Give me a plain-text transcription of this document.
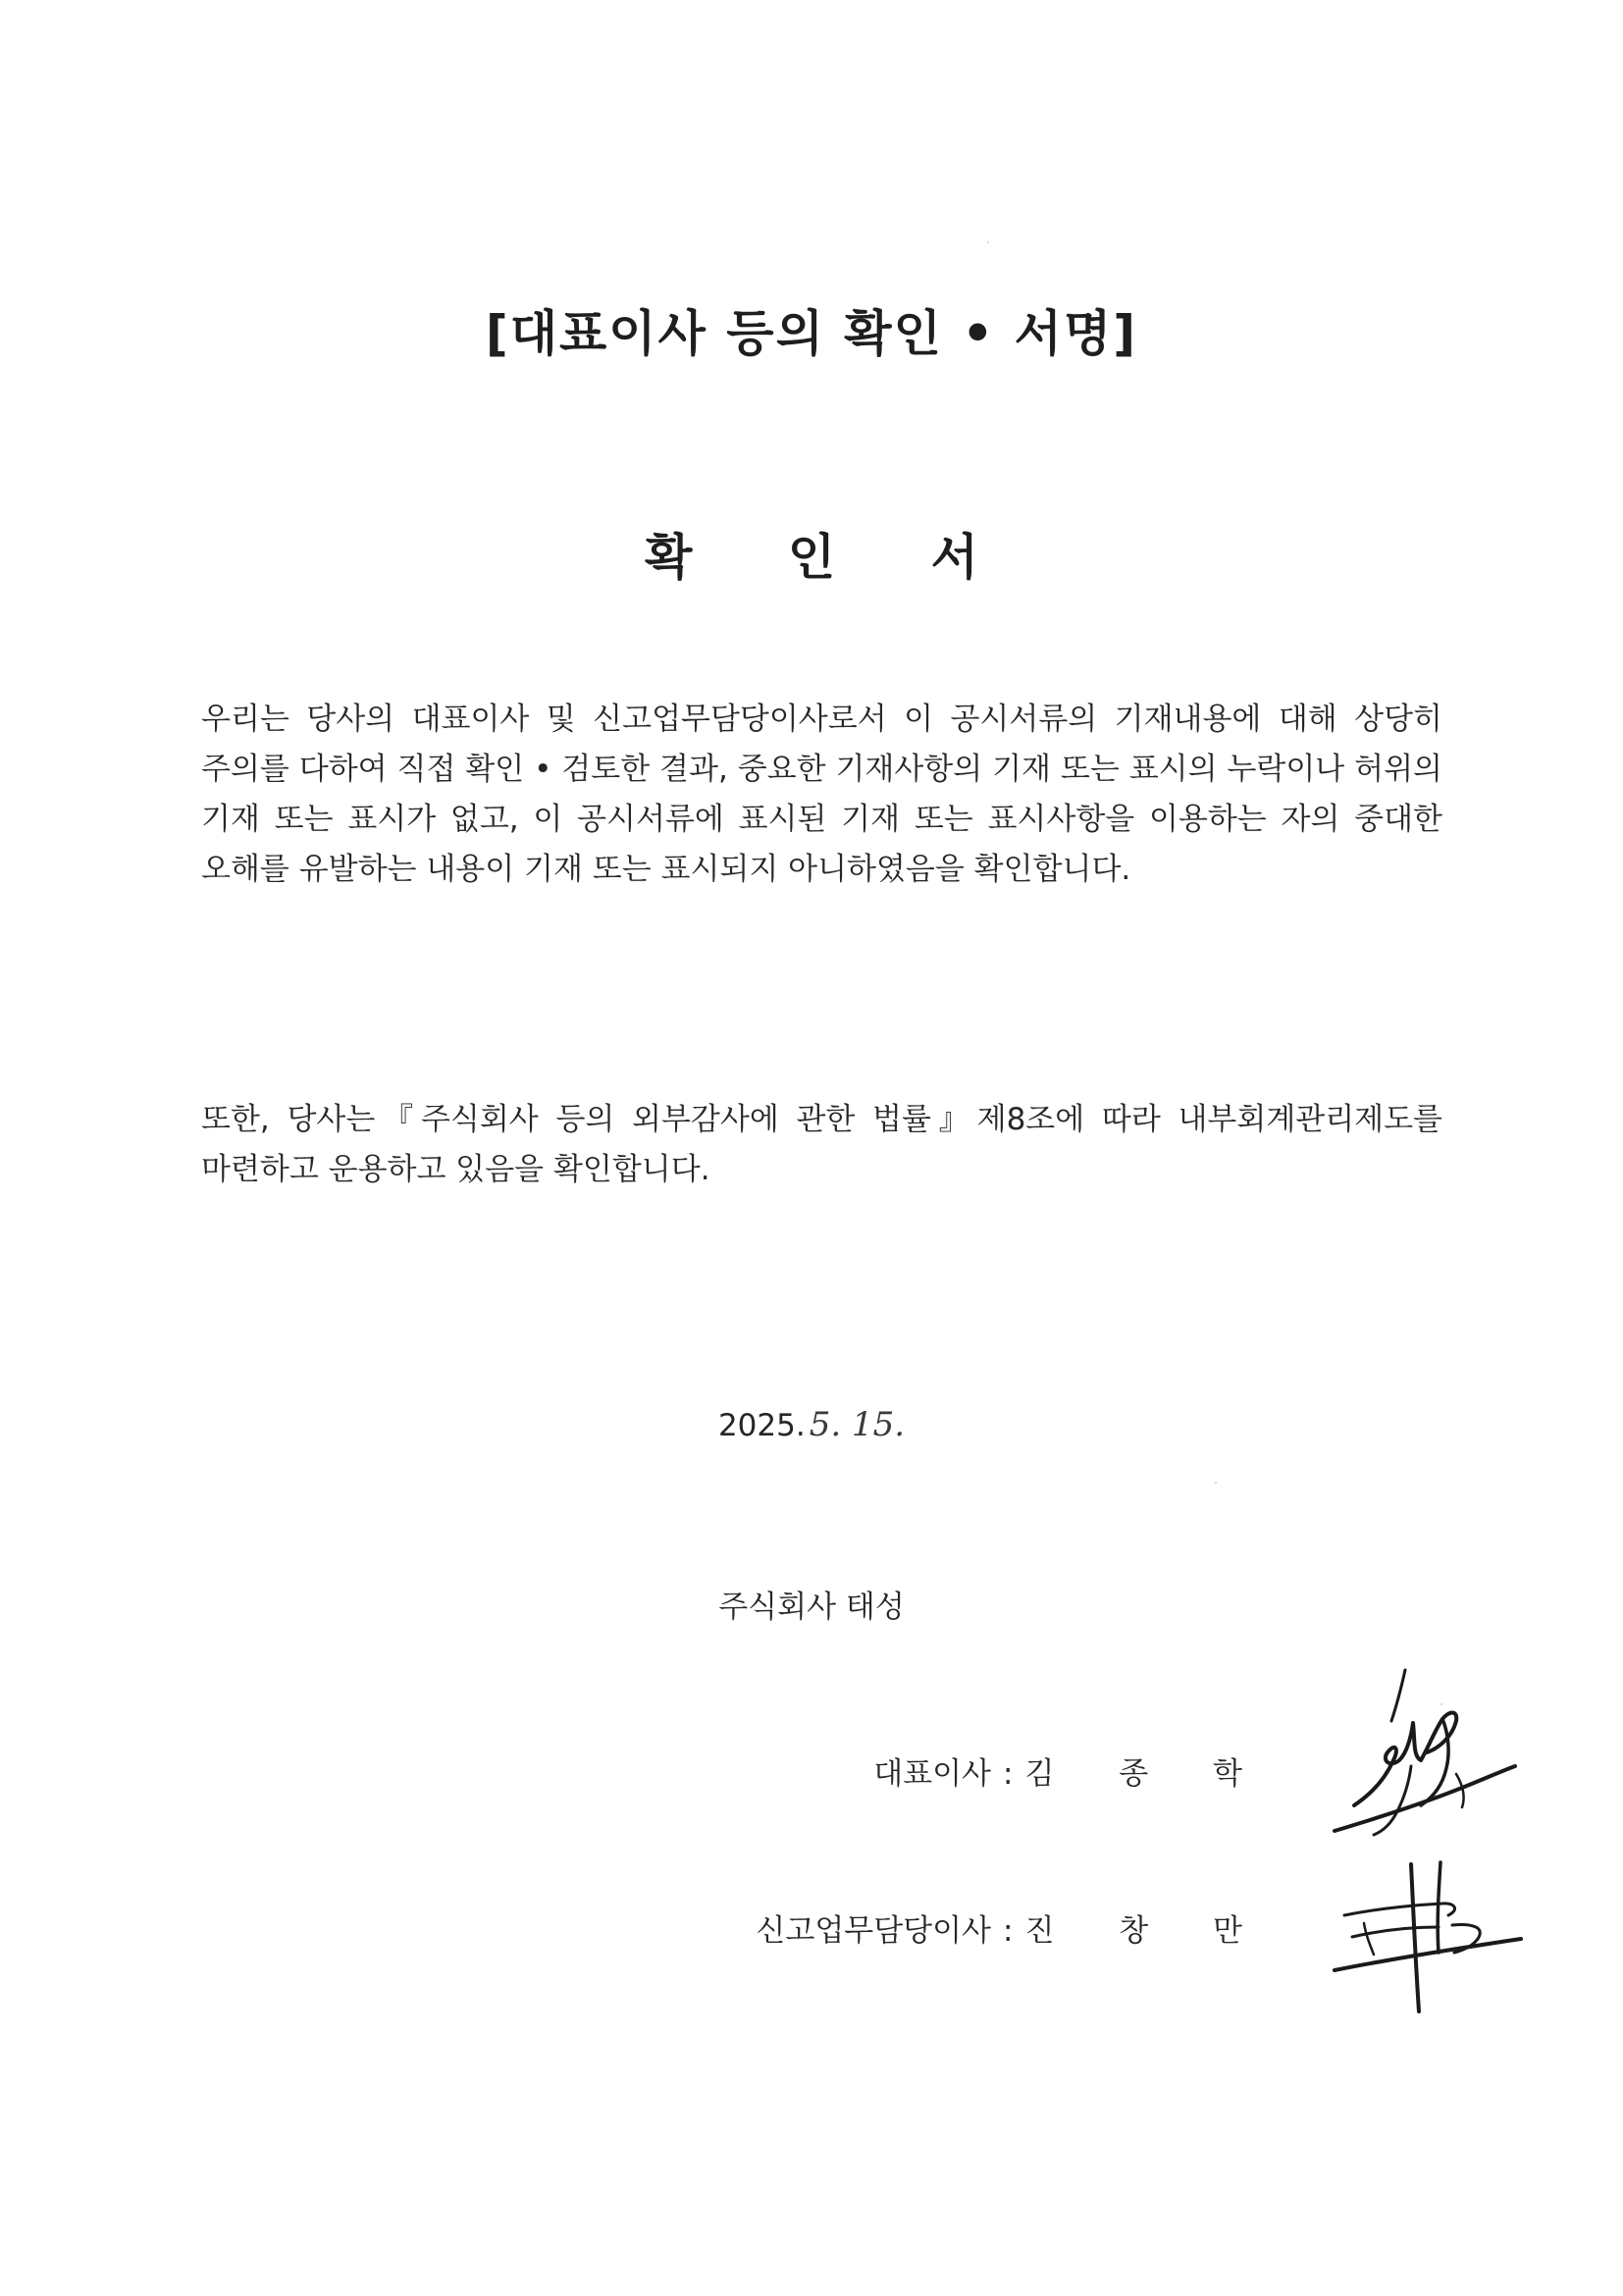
[대표이사 등의 확인 • 서명]
확 인 서
우리는 당사의 대표이사 및 신고업무담당이사로서 이 공시서류의 기재내용에 대해 상당히 주의를 다하여 직접 확인 • 검토한 결과, 중요한 기재사항의 기재 또는 표시의 누락이나 허위의 기재 또는 표시가 없고, 이 공시서류에 표시된 기재 또는 표시사항을 이용하는 자의 중대한 오해를 유발하는 내용이 기재 또는 표시되지 아니하였음을 확인합니다.
또한, 당사는『주식회사 등의 외부감사에 관한 법률』제8조에 따라 내부회계관리제도를 마련하고 운용하고 있음을 확인합니다.
2025. 5. 15.
주식회사 태성
대표이사 : 김 종 학
신고업무담당이사 : 진 창 만
